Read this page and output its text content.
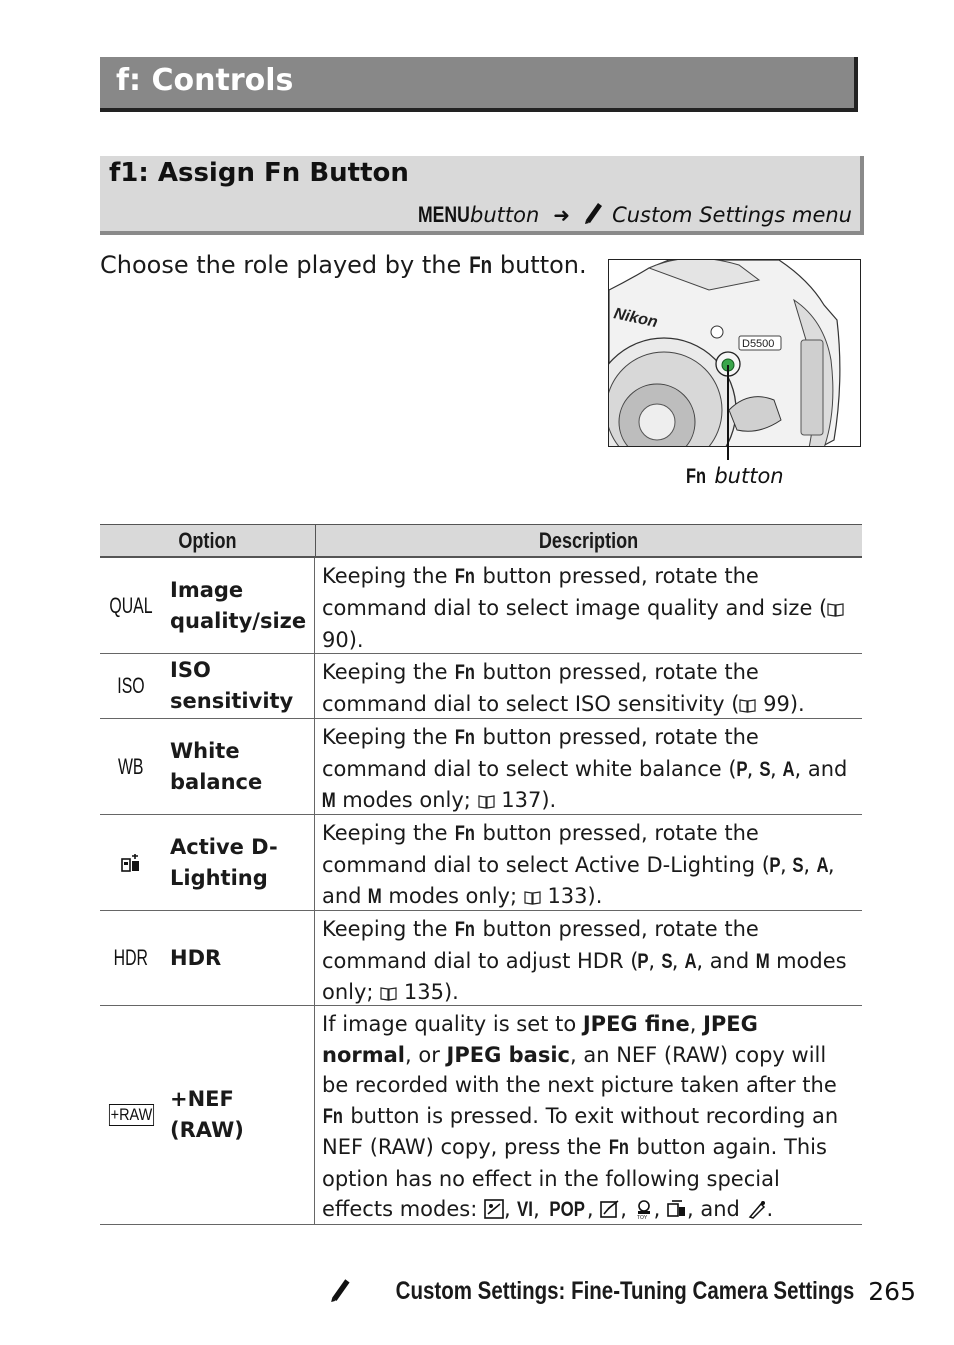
f: Controls
f1: Assign Fn Button
MENU button ➜ Custom Settings menu
Choose the role played by the Fn button.
Nikon
D5500
Fn button
Option	Description
QUAL
Image quality/size
Keeping the Fn button pressed, rotate the command dial to select image quality and size ( 90).
ISO
ISO sensitivity
Keeping the Fn button pressed, rotate the command dial to select ISO sensitivity ( 99).
WB
White balance
Keeping the Fn button pressed, rotate the command dial to select white balance (P, S, A, and M modes only; 137).
Active D-Lighting
Keeping the Fn button pressed, rotate the command dial to select Active D-Lighting (P, S, A, and M modes only; 133).
HDR	HDR
Keeping the Fn button pressed, rotate the command dial to adjust HDR (P, S, A, and M modes only; 135).
+RAW
+NEF (RAW)
If image quality is set to JPEG fine, JPEG normal, or JPEG basic, an NEF (RAW) copy will be recorded with the next picture taken after the Fn button is pressed. To exit without recording an NEF (RAW) copy, press the Fn button again. This option has no effect in the following special effects modes: , VI, POP , , TOY , , and .
Custom Settings: Fine-Tuning Camera Settings 265
